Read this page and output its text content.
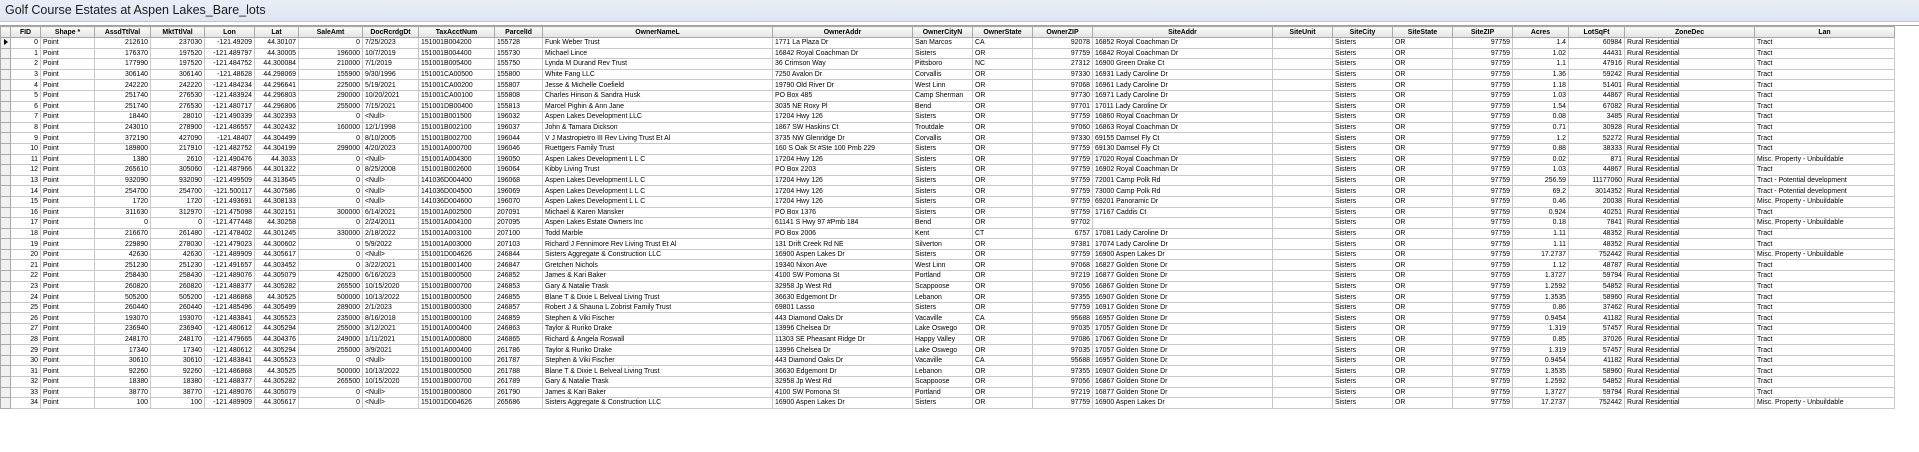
Golf Course Estates at Aspen Lakes_Bare_lots
	FID	Shape *	AssdTtlVal	MktTtlVal	Lon	Lat	SaleAmt	DocRcrdgDt	TaxAcctNum	ParcelId	OwnerNameL	OwnerAddr	OwnerCityN	OwnerState	OwnerZIP	SiteAddr	SiteUnit	SiteCity	SiteState	SiteZIP	Acres	LotSqFt	ZoneDec	Lan
	0	Point	212610	237030	-121.49209	44.30107	0	7/25/2023	151001B004200	155728	Funk Weber Trust	1771 La Plaza Dr	San Marcos	CA	92078	16852 Royal Coachman Dr		Sisters	OR	97759	1.4	60984	Rural Residential	Tract
	1	Point	176370	197520	-121.489797	44.30005	196000	10/7/2019	151001B004400	155730	Michael Lince	16842 Royal Coachman Dr	Sisters	OR	97759	16842 Royal Coachman Dr		Sisters	OR	97759	1.02	44431	Rural Residential	Tract
	2	Point	177990	197520	-121.484752	44.300084	210000	7/1/2019	151001B005400	155750	Lynda M Durand Rev Trust	36 Crimson Way	Pittsboro	NC	27312	16900 Green Drake Ct		Sisters	OR	97759	1.1	47916	Rural Residential	Tract
	3	Point	306140	306140	-121.48628	44.298069	155900	9/30/1996	151001CA00500	155800	White Fang LLC	7250 Avalon Dr	Corvallis	OR	97330	16931 Lady Caroline Dr		Sisters	OR	97759	1.36	59242	Rural Residential	Tract
	4	Point	242220	242220	-121.484234	44.296641	225000	5/19/2021	151001CA00200	155807	Jesse & Michelle Coefield	19790 Old River Dr	West Linn	OR	97068	16961 Lady Caroline Dr		Sisters	OR	97759	1.18	51401	Rural Residential	Tract
	5	Point	251740	276530	-121.483924	44.296803	290000	10/20/2021	151001CA00100	155808	Charles Hinson & Sandra Husk	PO Box 485	Camp Sherman	OR	97730	16971 Lady Caroline Dr		Sisters	OR	97759	1.03	44867	Rural Residential	Tract
	6	Point	251740	276530	-121.480717	44.296806	255000	7/15/2021	151001DB00400	155813	Marcel Pighin & Ann Jane	3035 NE Roxy Pl	Bend	OR	97701	17011 Lady Caroline Dr		Sisters	OR	97759	1.54	67082	Rural Residential	Tract
	7	Point	18440	28010	-121.490339	44.302393	0	<Null>	151001B001500	196032	Aspen Lakes Development LLC	17204 Hwy 126	Sisters	OR	97759	16860 Royal Coachman Dr		Sisters	OR	97759	0.08	3485	Rural Residential	Tract
	8	Point	243010	278900	-121.486557	44.302432	160000	12/1/1998	151001B002100	196037	John & Tamara Dickson	1867 SW Haskins Ct	Troutdale	OR	97060	16863 Royal Coachman Dr		Sisters	OR	97759	0.71	30928	Rural Residential	Tract
	9	Point	372190	427090	-121.48407	44.304499	0	8/10/2005	151001B002700	196044	V J Mastropietro III Rev Living Trust Et Al	3735 NW Glenridge Dr	Corvallis	OR	97330	69155 Damsel Fly Ct		Sisters	OR	97759	1.2	52272	Rural Residential	Tract
	10	Point	189800	217910	-121.482752	44.304199	299000	4/20/2023	151001A000700	196046	Ruettgers Family Trust	160 S Oak St #Ste 100 Pmb 229	Sisters	OR	97759	69130 Damsel Fly Ct		Sisters	OR	97759	0.88	38333	Rural Residential	Tract
	11	Point	1380	2610	-121.490476	44.3033	0	<Null>	151001A004300	196050	Aspen Lakes Development L L C	17204 Hwy 126	Sisters	OR	97759	17020 Royal Coachman Dr		Sisters	OR	97759	0.02	871	Rural Residential	Misc. Property - Unbuildable
	12	Point	265610	305060	-121.487966	44.301322	0	8/25/2008	151001B002600	196064	Kibby Living Trust	PO Box 2203	Sisters	OR	97759	16902 Royal Coachman Dr		Sisters	OR	97759	1.03	44867	Rural Residential	Tract
	13	Point	932090	932090	-121.499509	44.313645	0	<Null>	141036D004400	196068	Aspen Lakes Development L L C	17204 Hwy 126	Sisters	OR	97759	72001 Camp Polk Rd		Sisters	OR	97759	256.59	11177060	Rural Residential	Tract - Potential development
	14	Point	254700	254700	-121.500117	44.307586	0	<Null>	141036D004500	196069	Aspen Lakes Development L L C	17204 Hwy 126	Sisters	OR	97759	73000 Camp Polk Rd		Sisters	OR	97759	69.2	3014352	Rural Residential	Tract - Potential development
	15	Point	1720	1720	-121.493691	44.308133	0	<Null>	141036D004600	196070	Aspen Lakes Development L L C	17204 Hwy 126	Sisters	OR	97759	69201 Panoramic Dr		Sisters	OR	97759	0.46	20038	Rural Residential	Misc. Property - Unbuildable
	16	Point	311630	312970	-121.475098	44.302151	300000	6/14/2021	151001A002500	207091	Michael & Karen Mansker	PO Box 1376	Sisters	OR	97759	17167 Caddis Ct		Sisters	OR	97759	0.924	40251	Rural Residential	Tract
	17	Point	0	0	-121.477448	44.30258	0	2/24/2011	151001A004100	207095	Aspen Lakes Estate Owners Inc	61141 S Hwy 97 #Pmb 184	Bend	OR	97702			Sisters	OR	97759	0.18	7841	Rural Residential	Misc. Property - Unbuildable
	18	Point	216670	261480	-121.478402	44.301245	330000	2/18/2022	151001A003100	207100	Todd Marble	PO Box 2006	Kent	CT	6757	17081 Lady Caroline Dr		Sisters	OR	97759	1.11	48352	Rural Residential	Tract
	19	Point	229890	278030	-121.479023	44.300602	0	5/9/2022	151001A003000	207103	Richard J Fennimore Rev Living Trust Et Al	131 Drift Creek Rd NE	Silverton	OR	97381	17074 Lady Caroline Dr		Sisters	OR	97759	1.11	48352	Rural Residential	Tract
	20	Point	42630	42630	-121.489909	44.305617	0	<Null>	151001D004626	246844	Sisters Aggregate & Construction LLC	16900 Aspen Lakes Dr	Sisters	OR	97759	16900 Aspen Lakes Dr		Sisters	OR	97759	17.2737	752442	Rural Residential	Misc. Property - Unbuildable
	21	Point	251230	251230	-121.491657	44.303452	0	3/22/2021	151001B001400	246847	Gretchen Nichols	19340 Nixon Ave	West Linn	OR	97068	16827 Golden Stone Dr		Sisters	OR	97759	1.12	48787	Rural Residential	Tract
	22	Point	258430	258430	-121.489076	44.305079	425000	6/16/2023	151001B000500	246852	James & Kari Baker	4100 SW Pomona St	Portland	OR	97219	16877 Golden Stone Dr		Sisters	OR	97759	1.3727	59794	Rural Residential	Tract
	23	Point	260820	260820	-121.488377	44.305282	265500	10/15/2020	151001B000700	246853	Gary & Natalie Trask	32958 Jp West Rd	Scappoose	OR	97056	16867 Golden Stone Dr		Sisters	OR	97759	1.2592	54852	Rural Residential	Tract
	24	Point	505200	505200	-121.486868	44.30525	500000	10/13/2022	151001B000500	246855	Blane T & Dixie L Belveal Living Trust	36630 Edgemont Dr	Lebanon	OR	97355	16907 Golden Stone Dr		Sisters	OR	97759	1.3535	58960	Rural Residential	Tract
	25	Point	260440	260440	-121.485496	44.305499	289000	2/1/2023	151001B000300	246857	Robert J & Shauna L Zobrist Family Trust	69801 Lasso	Sisters	OR	97759	16917 Golden Stone Dr		Sisters	OR	97759	0.86	37462	Rural Residential	Tract
	26	Point	193070	193070	-121.483841	44.305523	235000	8/16/2018	151001B000100	246859	Stephen & Viki Fischer	443 Diamond Oaks Dr	Vacaville	CA	95688	16957 Golden Stone Dr		Sisters	OR	97759	0.9454	41182	Rural Residential	Tract
	27	Point	236940	236940	-121.480612	44.305294	255000	3/12/2021	151001A000400	246863	Taylor & Ruriko Drake	13996 Chelsea Dr	Lake Oswego	OR	97035	17057 Golden Stone Dr		Sisters	OR	97759	1.319	57457	Rural Residential	Tract
	28	Point	248170	248170	-121.479665	44.304376	249000	1/11/2021	151001A000800	246865	Richard & Angela Roswall	11303 SE Pheasant Ridge Dr	Happy Valley	OR	97086	17067 Golden Stone Dr		Sisters	OR	97759	0.85	37026	Rural Residential	Tract
	29	Point	17340	17340	-121.480612	44.305294	255000	3/9/2021	151001A000400	261786	Taylor & Ruriko Drake	13996 Chelsea Dr	Lake Oswego	OR	97035	17057 Golden Stone Dr		Sisters	OR	97759	1.319	57457	Rural Residential	Tract
	30	Point	30610	30610	-121.483841	44.305523	0	<Null>	151001B000100	261787	Stephen & Viki Fischer	443 Diamond Oaks Dr	Vacaville	CA	95688	16957 Golden Stone Dr		Sisters	OR	97759	0.9454	41182	Rural Residential	Tract
	31	Point	92260	92260	-121.486868	44.30525	500000	10/13/2022	151001B000500	261788	Blane T & Dixie L Belveal Living Trust	36630 Edgemont Dr	Lebanon	OR	97355	16907 Golden Stone Dr		Sisters	OR	97759	1.3535	58960	Rural Residential	Tract
	32	Point	18380	18380	-121.488377	44.305282	265500	10/15/2020	151001B000700	261789	Gary & Natalie Trask	32958 Jp West Rd	Scappoose	OR	97056	16867 Golden Stone Dr		Sisters	OR	97759	1.2592	54852	Rural Residential	Tract
	33	Point	38770	38770	-121.489076	44.305079	0	<Null>	151001B000800	261790	James & Kari Baker	4100 SW Pomona St	Portland	OR	97219	16877 Golden Stone Dr		Sisters	OR	97759	1.3727	59794	Rural Residential	Tract
	34	Point	100	100	-121.489909	44.305617	0	<Null>	151001D004626	265686	Sisters Aggregate & Construction LLC	16900 Aspen Lakes Dr	Sisters	OR	97759	16900 Aspen Lakes Dr		Sisters	OR	97759	17.2737	752442	Rural Residential	Misc. Property - Unbuildable
